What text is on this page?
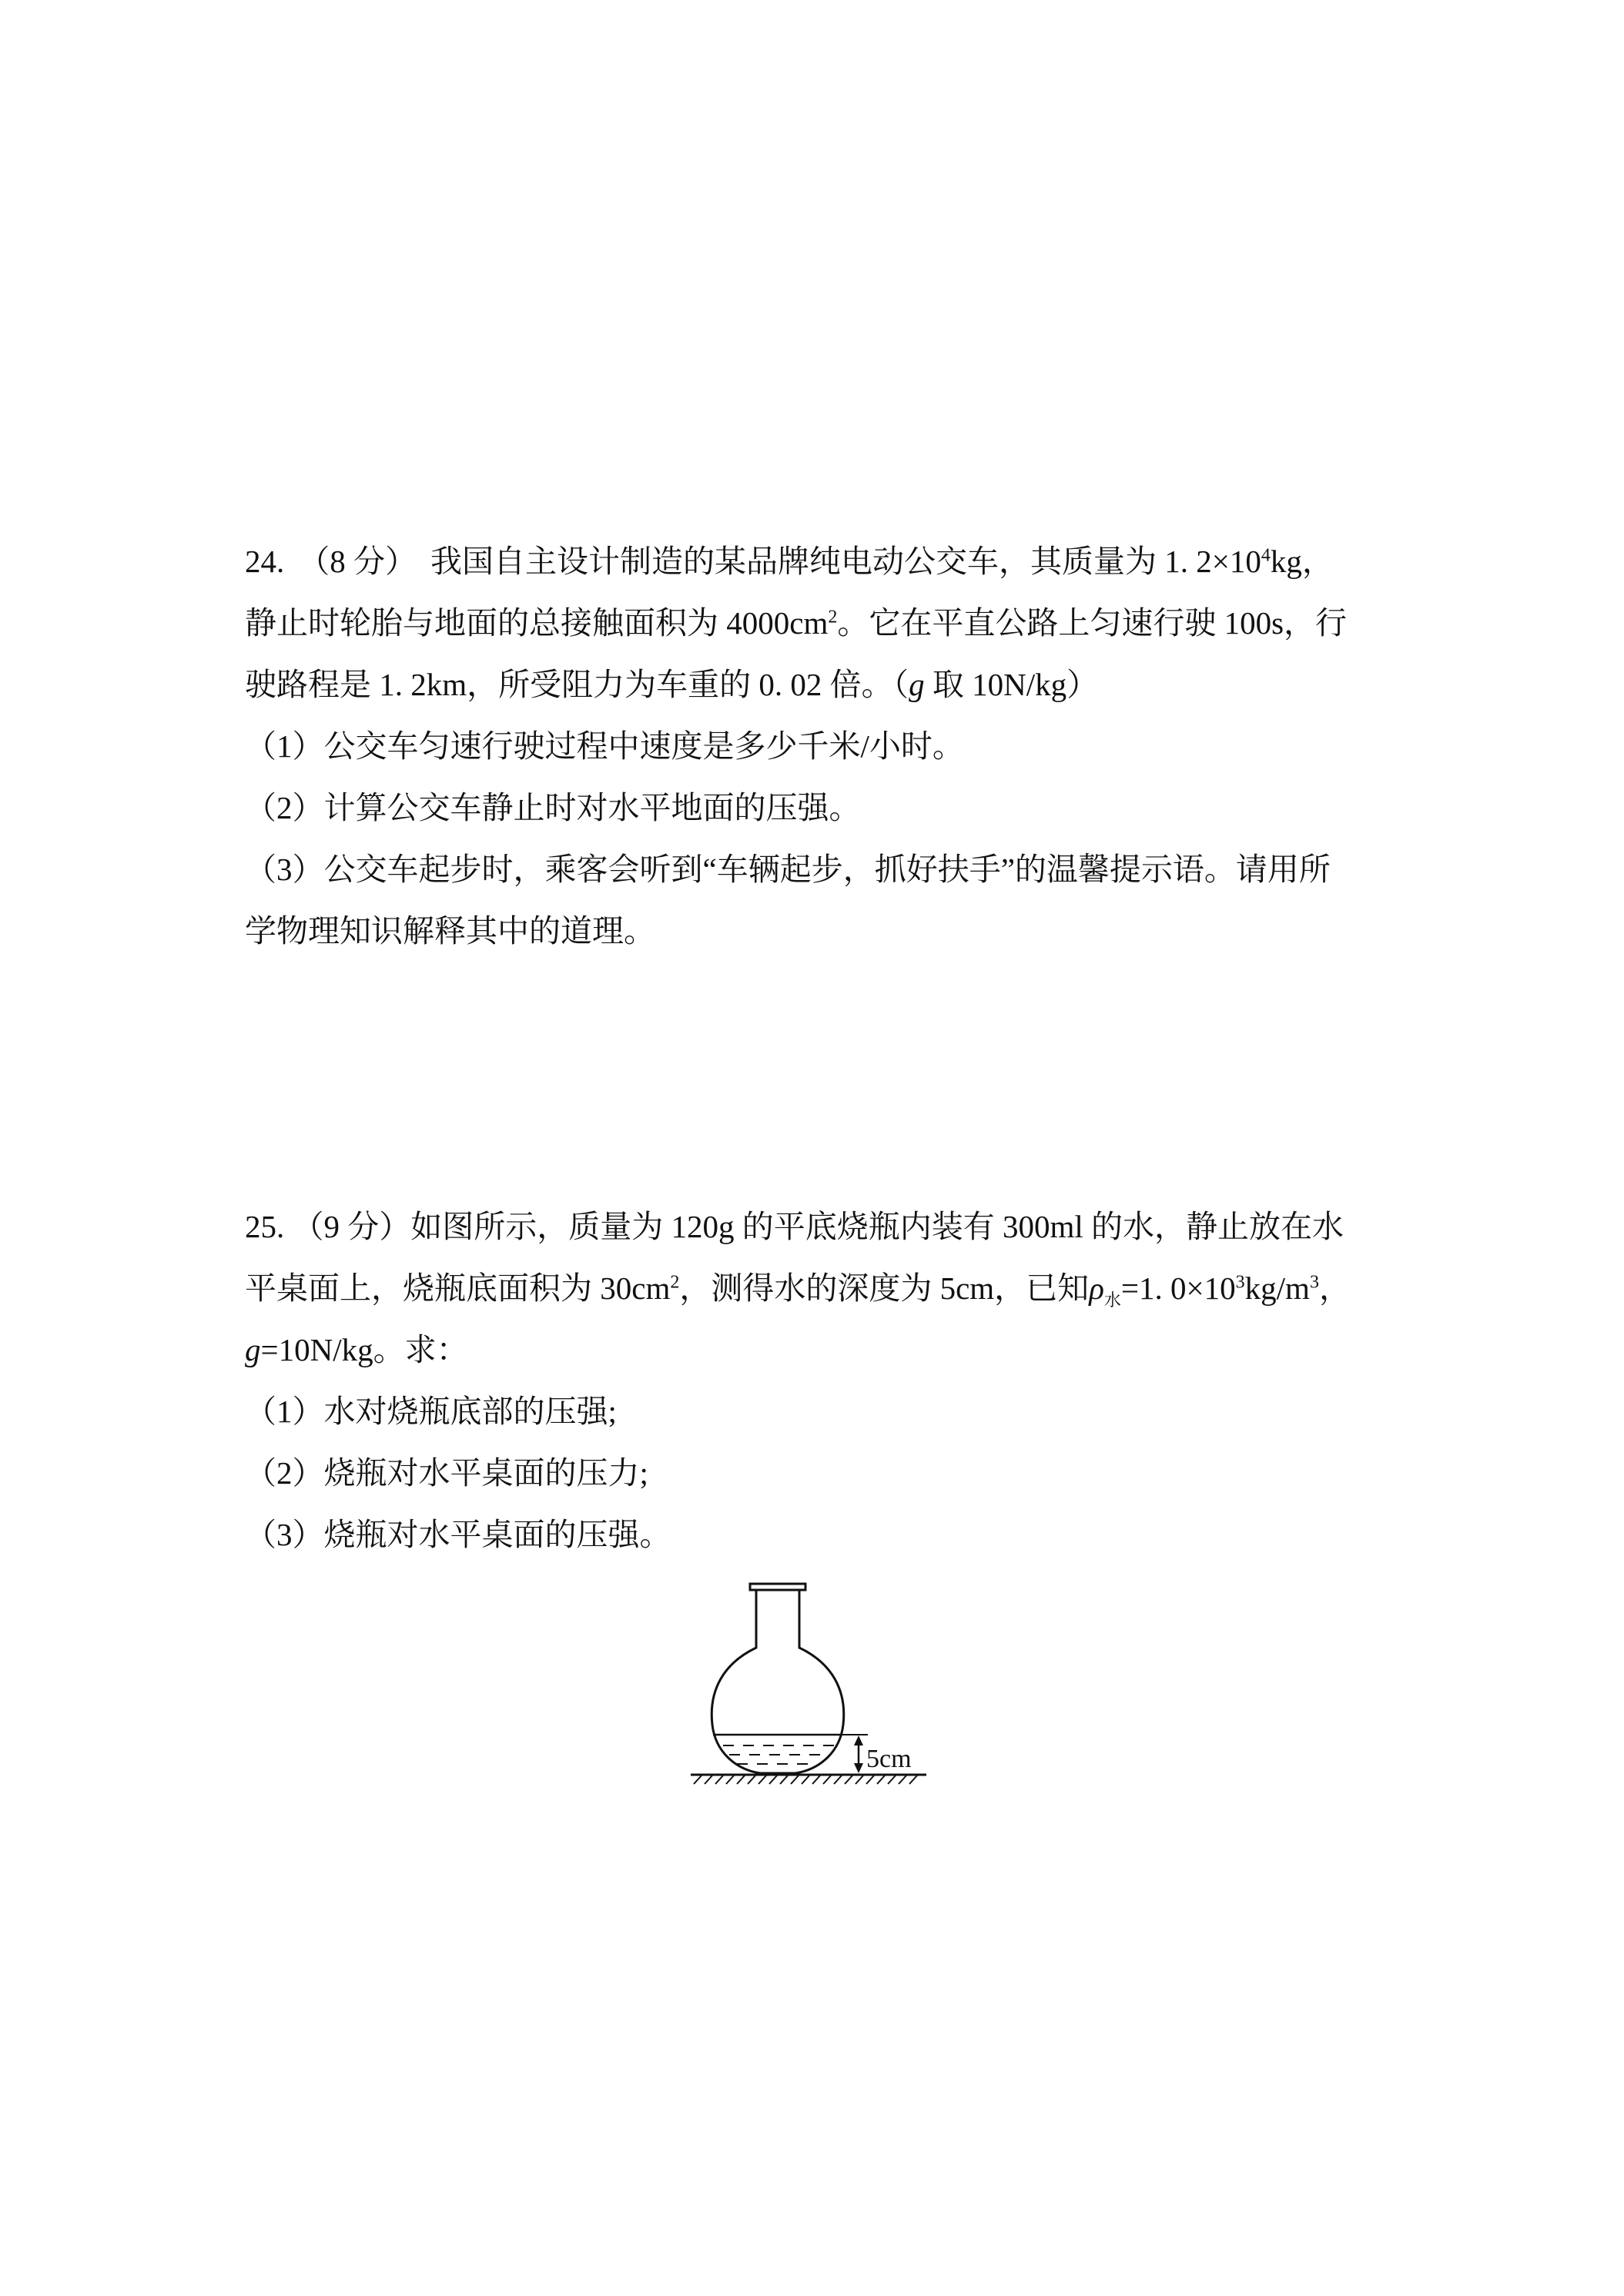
24. （8 分） 我国自主设计制造的某品牌纯电动公交车，其质量为 1. $2\times 10^4kg$，
静止时轮胎与地面的总接触面积为 $4000cm^2$。它在平直公路上匀速行驶 100s，行
驶路程是 1. 2km，所受阻力为车重的 0. 02 倍。（g 取 10N/kg）
（1）公交车匀速行驶过程中速度是多少千米/小时。
（2）计算公交车静止时对水平地面的压强。
（3）公交车起步时，乘客会听到“车辆起步，抓好扶手”的温馨提示语。请用所
学物理知识解释其中的道理。
25. （9 分）如图所示，质量为 120g 的平底烧瓶内装有 300ml 的水，静止放在水
平桌面上，烧瓶底面积为 $30cm^2$，测得水的深度为 5cm，已知$\rho_水=1$. $0\times 10^3kg/m^3$，
g=10N/kg。求：
（1）水对烧瓶底部的压强;
（2）烧瓶对水平桌面的压力;
（3）烧瓶对水平桌面的压强。
5cm
